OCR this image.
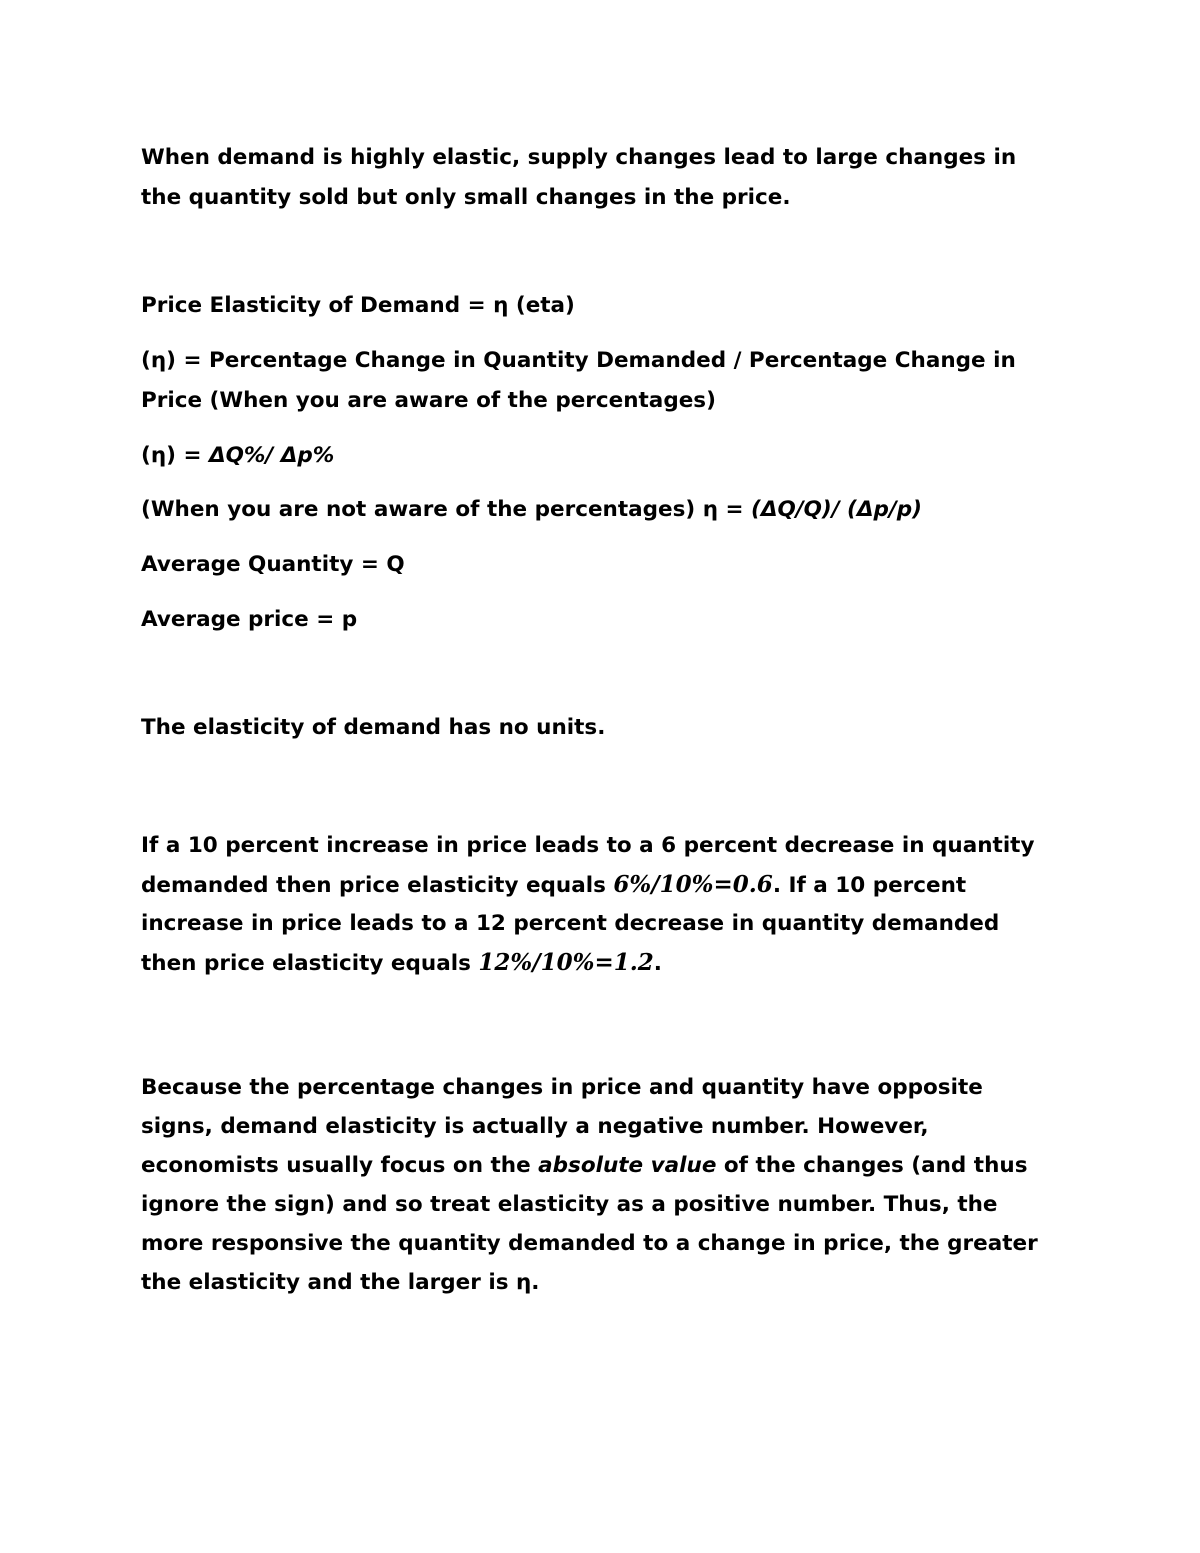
When demand is highly elastic, supply changes lead to large changes in

the quantity sold but only small changes in the price.

Price Elasticity of Demand = η (eta)

(η) = Percentage Change in Quantity Demanded / Percentage Change in

Price (When you are aware of the percentages)

(η) = ΔQ%/ Δp%

(When you are not aware of the percentages) η = (ΔQ/Q)/ (Δp/p)

Average Quantity = Q

Average price = p

The elasticity of demand has no units.

If a 10 percent increase in price leads to a 6 percent decrease in quantity

demanded then price elasticity equals 6%/10%=0.6. If a 10 percent

increase in price leads to a 12 percent decrease in quantity demanded

then price elasticity equals 12%/10%=1.2.

Because the percentage changes in price and quantity have opposite

signs, demand elasticity is actually a negative number. However,

economists usually focus on the absolute value of the changes (and thus

ignore the sign) and so treat elasticity as a positive number. Thus, the

more responsive the quantity demanded to a change in price, the greater

the elasticity and the larger is η.
